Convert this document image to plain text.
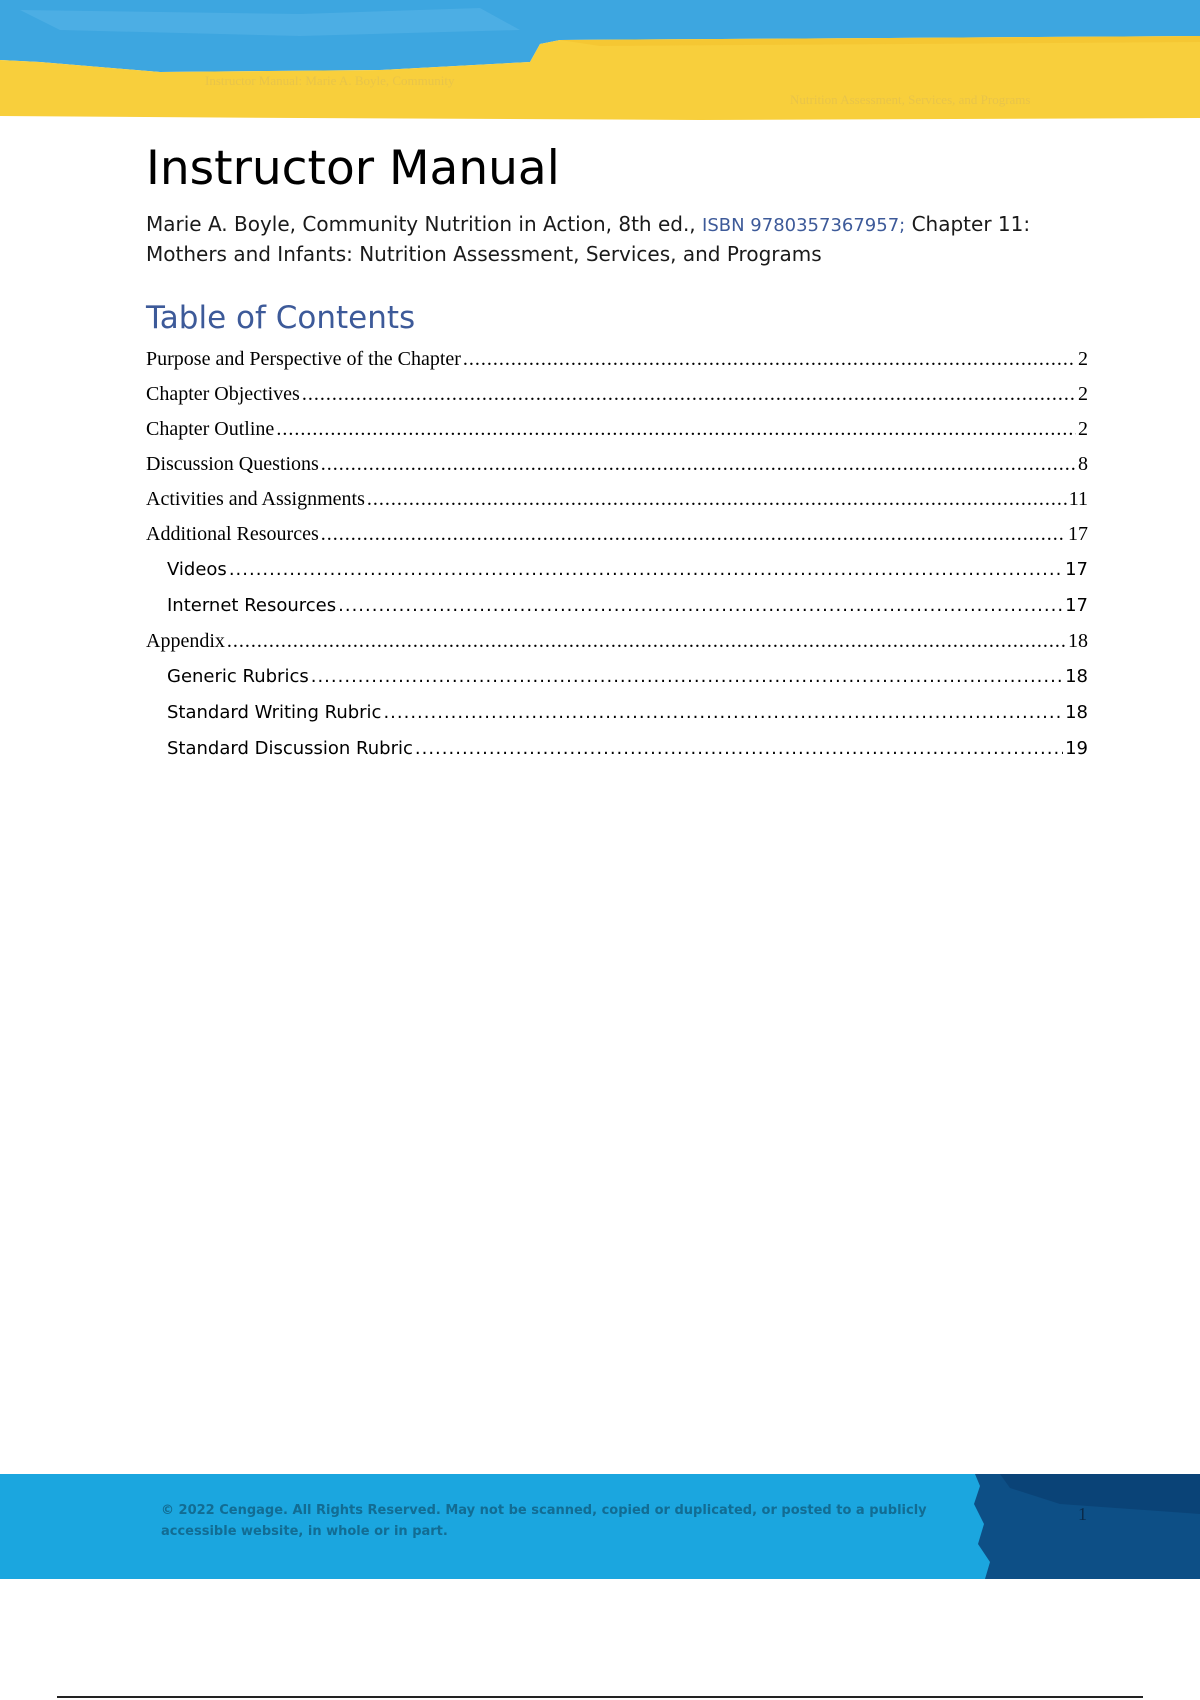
Instructor Manual: Marie A. Boyle, Community
Nutrition Assessment, Services, and Programs
Instructor Manual
Marie A. Boyle, Community Nutrition in Action, 8th ed., ISBN 9780357367957; Chapter 11: Mothers and Infants: Nutrition Assessment, Services, and Programs
Table of Contents
Purpose and Perspective of the Chapter .....	2
Chapter Objectives .....	2
Chapter Outline .....	2
Discussion Questions .....	8
Activities and Assignments .....	11
Additional Resources .....	17
Videos .....	17
Internet Resources .....	17
Appendix .....	18
Generic Rubrics .....	18
Standard Writing Rubric .....	18
Standard Discussion Rubric .....	19
© 2022 Cengage. All Rights Reserved. May not be scanned, copied or duplicated, or posted to a publicly accessible website, in whole or in part.
1
